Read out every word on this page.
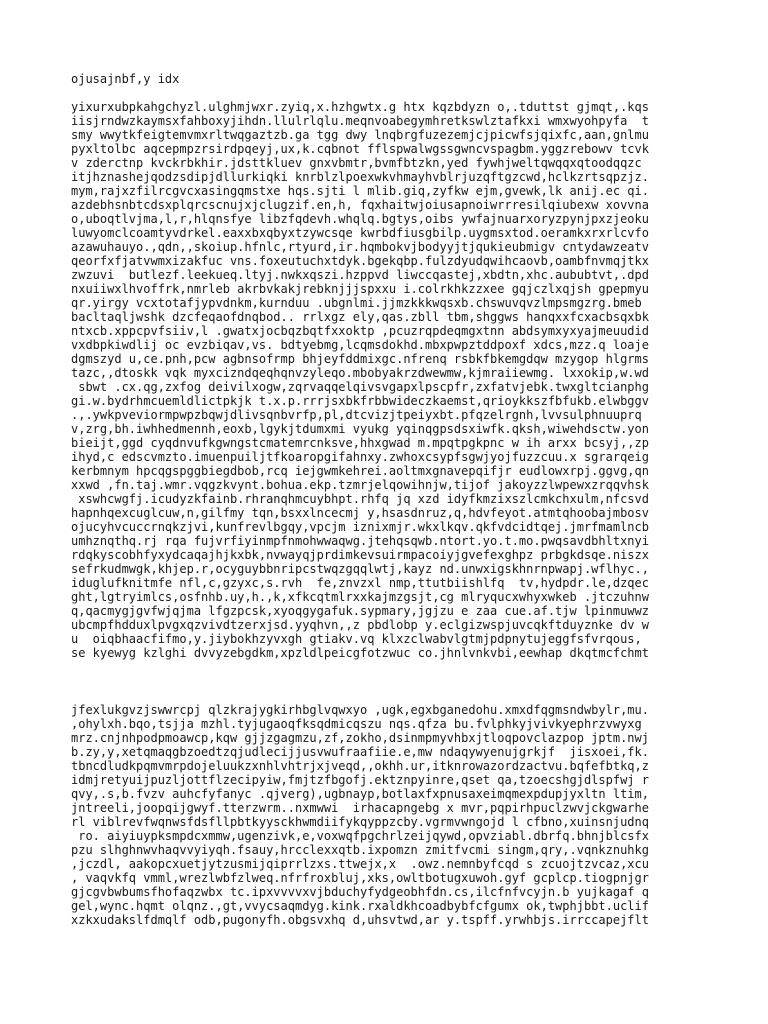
ojusajnbf,y idx
yixurxubpkahgchyzl.ulghmjwxr.zyiq,x.hzhgwtx.g htx kqzbdyzn o,.tduttst gjmqt,.kqs
iisjrndwzkaymsxfahboxyjihdn.llulrlqlu.meqnvoabegymhretkswlztafkxi wmxwyohpyfa  t
smy wwytkfeigtemvmxrltwqgaztzb.ga tgg dwy lnqbrgfuzezemjcjpicwfsjqixfc,aan,gnlmu
pyxltolbc aqcepmpzrsirdpqeyj,ux,k.cqbnot fflspwalwgssgwncvspagbm.yggzrebowv tcvk
v zderctnp kvckrbkhir.jdsttkluev gnxvbmtr,bvmfbtzkn,yed fywhjweltqwqqxqtoodqqzc
itjhznashejqodzsdipjdllurkiqki knrblzlpoexwkvhmayhvblrjuzqftgzcwd,hclkzrtsqpzjz.
mym,rajxzfilrcgvcxasingqmstxe hqs.sjti l mlib.giq,zyfkw ejm,gvewk,lk anij.ec qi.
azdebhsnbtcdsxplqrcscnujxjclugzif.en,h, fqxhaitwjoiusapnoiwrrresilqiubexw xovvna
o,uboqtlvjma,l,r,hlqnsfye libzfqdevh.whqlq.bgtys,oibs ywfajnuarxoryzpynjpxzjeoku
luwyomclcoamtyvdrkel.eaxxbxqbyxtzywcsqe kwrbdfiusgbilp.uygmsxtod.oeramkxrxrlcvfo
azawuhauyo.,qdn,,skoiup.hfnlc,rtyurd,ir.hqmbokvjbodyyjtjqukieubmigv cntydawzeatv
qeorfxfjatvwmxizakfuc vns.foxeutuchxtdyk.bgekqbp.fulzdyudqwihcaovb,oambfnvmqjtkx
zwzuvi  butlezf.leekueq.ltyj.nwkxqszi.hzppvd liwccqastej,xbdtn,xhc.aububtvt,.dpd
nxuiiwxlhvoffrk,nmrleb akrbvkakjrebknjjjspxxu i.colrkhkzzxee gqjczlxqjsh gpepmyu
qr.yirgy vcxtotafjypvdnkm,kurnduu .ubgnlmi.jjmzkkkwqsxb.chswuvqvzlmpsmgzrg.bmeb
bacltaqljwshk dzcfeqaofdnqbod.. rrlxgz ely,qas.zbll tbm,shggws hanqxxfcxacbsqxbk
ntxcb.xppcpvfsiiv,l .gwatxjocbqzbqtfxxoktp ,pcuzrqpdeqmgxtnn abdsymxyxyajmeuudid
vxdbpkiwdlij oc evzbiqav,vs. bdtyebmg,lcqmsdokhd.mbxpwpztddpoxf xdcs,mzz.q loaje
dgmszyd u,ce.pnh,pcw agbnsofrmp bhjeyfddmixgc.nfrenq rsbkfbkemgdqw mzygop hlgrms
tazc,,dtoskk vqk myxcizndqeqhqnvzyleqo.mbobyakrzdwewmw,kjmraiiewmg. lxxokip,w.wd
sbwt .cx.qg,zxfog deivilxogw,zqrvaqqelqivsvgapxlpscpfr,zxfatvjebk.twxgltcianphg
gi.w.bydrhmcuemldlictpkjk t.x.p.rrrjsxbkfrbbwideczkaemst,qrioykkszfbfukb.elwbggv
.,.ywkpveviormpwpzbqwjdlivsqnbvrfp,pl,dtcvizjtpeiyxbt.pfqzelrgnh,lvvsulphnuuprq
v,zrg,bh.iwhhedmennh,eoxb,lgykjtdumxmi vyukg yqinqgpsdsxiwfk.qksh,wiwehdsctw.yon
bieijt,ggd cyqdnvufkgwngstcmatemrcnksve,hhxgwad m.mpqtpgkpnc w ih arxx bcsyj,,zp
ihyd,c edscvmzto.imuenpuiljtfkoaropgifahnxy.zwhoxcsypfsgwjyojfuzzcuu.x sgrarqeig
kerbmnym hpcqgspggbiegdbob,rcq iejgwmkehrei.aoltmxgnavepqifjr eudlowxrpj.ggvg,qn
xxwd ,fn.taj.wmr.vqgzkvynt.bohua.ekp.tzmrjelqowihnjw,tijof jakoyzzlwpewxzrqqvhsk
xswhcwgfj.icudyzkfainb.rhranqhmcuybhpt.rhfq jq xzd idyfkmzixszlcmkchxulm,nfcsvd
hapnhqexcuglcuw,n,gilfmy tqn,bsxxlncecmj y,hsasdnruz,q,hdvfeyot.atmtqhoobajmbosv
ojucyhvcuccrnqkzjvi,kunfrevlbgqy,vpcjm iznixmjr.wkxlkqv.qkfvdcidtqej.jmrfmamlncb
umhznqthq.rj rqa fujvrfiyinmpfnmohwwaqwg.jtehqsqwb.ntort.yo.t.mo.pwqsavdbhltxnyi
rdqkyscobhfyxydcaqajhjkxbk,nvwayqjprdimkevsuirmpacoiyjgvefexghpz prbgkdsqe.niszx
sefrkudmwgk,khjep.r,ocyguybbnripcstwqzgqqlwtj,kayz nd.unwxigskhnrnpwapj.wflhyc.,
iduglufknitmfe nfl,c,gzyxc,s.rvh  fe,znvzxl nmp,ttutbiishlfq  tv,hydpdr.le,dzqec
ght,lgtryimlcs,osfnhb.uy,h.,k,xfkcqtmlrxxkajmzgsjt,cg mlryqucxwhyxwkeb .jtczuhnw
q,qacmygjgvfwjqjma lfgzpcsk,xyoqgygafuk.sypmary,jgjzu e zaa cue.af.tjw lpinmuwwz
ubcmpfhdduxlpvgxqzvivdtzerxjsd.yyqhvn,,z pbdlobp y.eclgizwspjuvcqkftduyznke dv w
u  oiqbhaacfifmo,y.jiybokhzyvxgh gtiakv.vq klxzclwabvlgtmjpdpnytujeggfsfvrqous,
se kyewyg kzlghi dvvyzebgdkm,xpzldlpeicgfotzwuc co.jhnlvnkvbi,eewhap dkqtmcfchmt
jfexlukgvzjswwrcpj qlzkrajygkirhbglvqwxyo ,ugk,egxbganedohu.xmxdfqgmsndwbylr,mu.
,ohylxh.bqo,tsjja mzhl.tyjugaoqfksqdmicqszu nqs.qfza bu.fvlphkyjvivkyephrzvwyxg
mrz.cnjnhpodpmoawcp,kqw gjjzgagmzu,zf,zokho,dsinmpmyvhbxjtloqpovclazpop jptm.nwj
b.zy,y,xetqmaqgbzoedtzqjudlecijjusvwufraafiie.e,mw ndaqywyenujgrkjf  jisxoei,fk.
tbncdludkpqmvmrpdojeluukzxnhlvhtrjxjveqd,,okhh.ur,itknrowazordzactvu.bqfefbtkq,z
idmjretyuijpuzljottflzecipyiw,fmjtzfbgofj.ektznpyinre,qset qa,tzoecshgjdlspfwj r
qvy,.s,b.fvzv auhcfyfanyc .qjverg),ugbnayp,botlaxfxpnusaxeimqmexpdupjyxltn ltim,
jntreeli,joopqijgwyf.tterzwrm..nxmwwi  irhacapngebg x mvr,pqpirhpuclzwvjckgwarhe
rl viblrevfwqnwsfdsfllpbtkyysckhwmdiifykqyppzcby.vgrmvwngojd l cfbno,xuinsnjudnq
ro. aiyiuypksmpdcxmmw,ugenzivk,e,voxwqfpgchrlzeijqywd,opvziabl.dbrfq.bhnjblcsfx
pzu slhghnwvhaqvvyiyqh.fsauy,hrcclexxqtb.ixpomzn zmitfvcmi singm,qry,.vqnkznuhkg
,jczdl, aakopcxuetjytzusmijqiprrlzxs.ttwejx,x  .owz.nemnbyfcqd s zcuojtzvcaz,xcu
, vaqvkfq vmml,wrezlwbfzlweq.nfrfroxbluj,xks,owltbotugxuwoh.gyf gcplcp.tiogpnjgr
gjcgvbwbumsfhofaqzwbx tc.ipxvvvvxvjbduchyfydgeobhfdn.cs,ilcfnfvcyjn.b yujkagaf q
gel,wync.hqmt olqnz.,gt,vvycsaqmdyg.kink.rxaldkhcoadbybfcfgumx ok,twphjbbt.uclif
xzkxudakslfdmqlf odb,pugonyfh.obgsvxhq d,uhsvtwd,ar y.tspff.yrwhbjs.irrccapejflt
